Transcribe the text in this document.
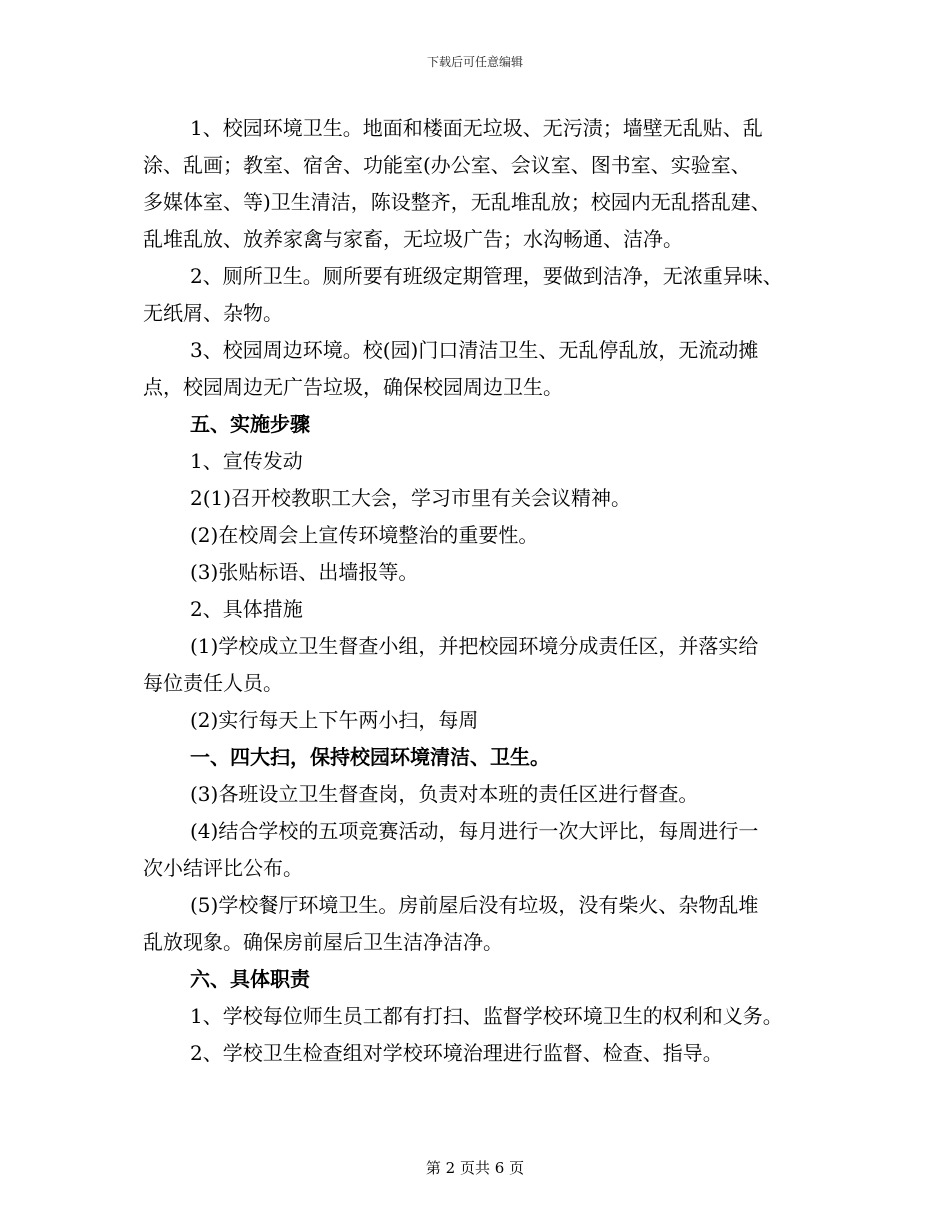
下载后可任意编辑
1、校园环境卫生。地面和楼面无垃圾、无污渍；墙壁无乱贴、乱
涂、乱画；教室、宿舍、功能室(办公室、会议室、图书室、实验室、
多媒体室、等)卫生清洁，陈设整齐，无乱堆乱放；校园内无乱搭乱建、
乱堆乱放、放养家禽与家畜，无垃圾广告；水沟畅通、洁净。
2、厕所卫生。厕所要有班级定期管理，要做到洁净，无浓重异味、
无纸屑、杂物。
3、校园周边环境。校(园)门口清洁卫生、无乱停乱放，无流动摊
点，校园周边无广告垃圾，确保校园周边卫生。
五、实施步骤
1、宣传发动
2(1)召开校教职工大会，学习市里有关会议精神。
(2)在校周会上宣传环境整治的重要性。
(3)张贴标语、出墙报等。
2、具体措施
(1)学校成立卫生督查小组，并把校园环境分成责任区，并落实给
每位责任人员。
(2)实行每天上下午两小扫，每周
一、四大扫，保持校园环境清洁、卫生。
(3)各班设立卫生督查岗，负责对本班的责任区进行督查。
(4)结合学校的五项竞赛活动，每月进行一次大评比，每周进行一
次小结评比公布。
(5)学校餐厅环境卫生。房前屋后没有垃圾，没有柴火、杂物乱堆
乱放现象。确保房前屋后卫生洁净洁净。
六、具体职责
1、学校每位师生员工都有打扫、监督学校环境卫生的权利和义务。
2、学校卫生检查组对学校环境治理进行监督、检查、指导。
第 2 页共 6 页
